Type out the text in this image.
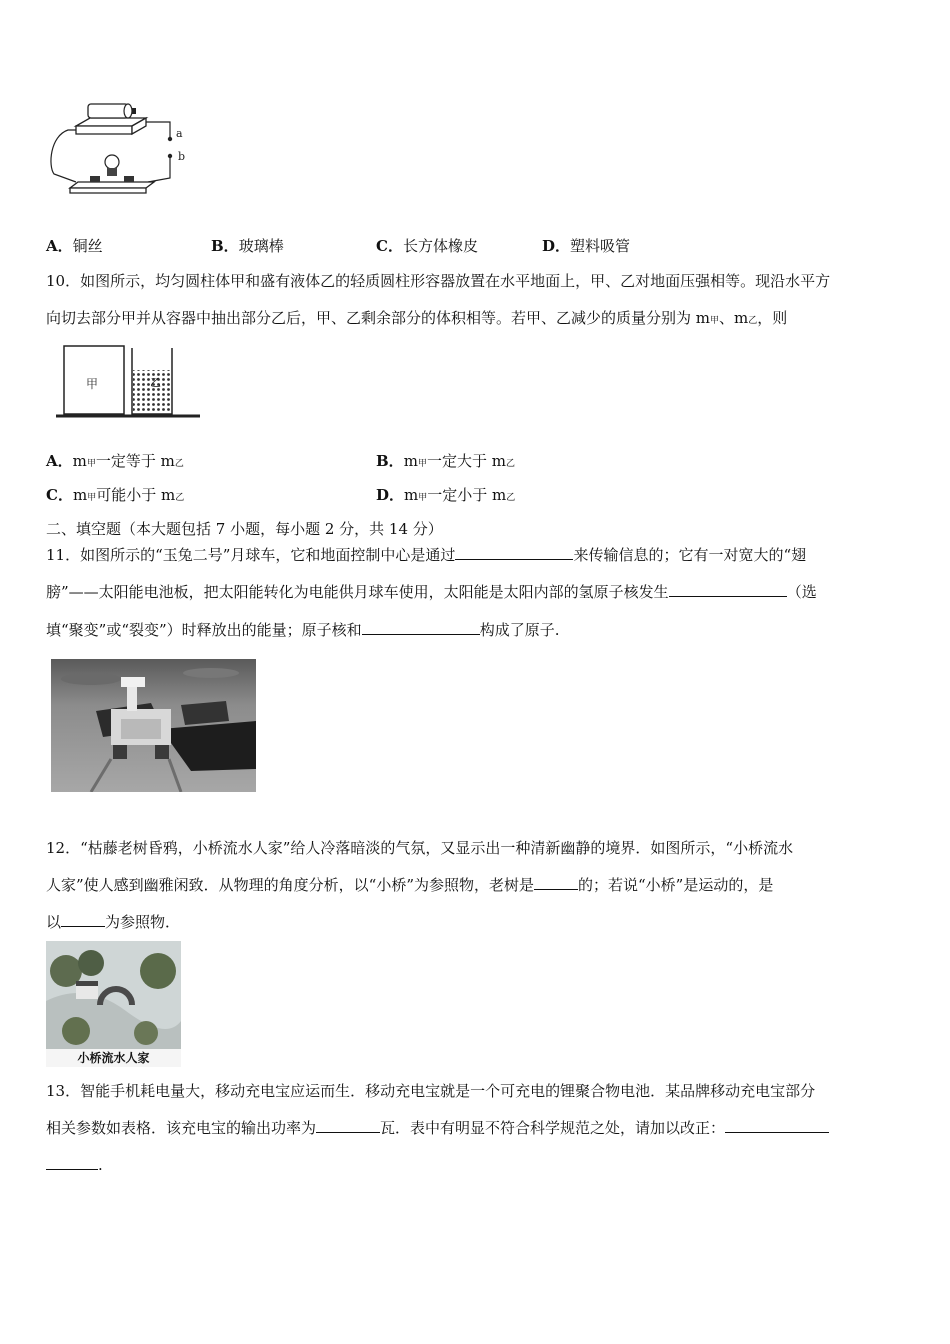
a
b
A．铜丝	B．玻璃棒	C．长方体橡皮	D．塑料吸管
10．如图所示，均匀圆柱体甲和盛有液体乙的轻质圆柱形容器放置在水平地面上，甲、乙对地面压强相等。现沿水平方
向切去部分甲并从容器中抽出部分乙后，甲、乙剩余部分的体积相等。若甲、乙减少的质量分别为 m甲、m乙，则
甲	乙
A．m甲一定等于 m乙	B．m甲一定大于 m乙
C．m甲可能小于 m乙	D．m甲一定小于 m乙
二、填空题（本大题包括 7 小题，每小题 2 分，共 14 分）
11．如图所示的“玉兔二号”月球车，它和地面控制中心是通过	来传输信息的；它有一对宽大的“翅
膀”——太阳能电池板，把太阳能转化为电能供月球车使用，太阳能是太阳内部的氢原子核发生	（选
填“聚变”或“裂变”）时释放出的能量；原子核和	构成了原子.
12．“枯藤老树昏鸦，小桥流水人家”给人冷落暗淡的气氛，又显示出一种清新幽静的境界．如图所示，“小桥流水
人家”使人感到幽雅闲致．从物理的角度分析，以“小桥”为参照物，老树是	的；若说“小桥”是运动的，是
以	为参照物．
小桥流水人家
13．智能手机耗电量大，移动充电宝应运而生．移动充电宝就是一个可充电的锂聚合物电池．某品牌移动充电宝部分
相关参数如表格．该充电宝的输出功率为	瓦．表中有明显不符合科学规范之处，请加以改正：
.
